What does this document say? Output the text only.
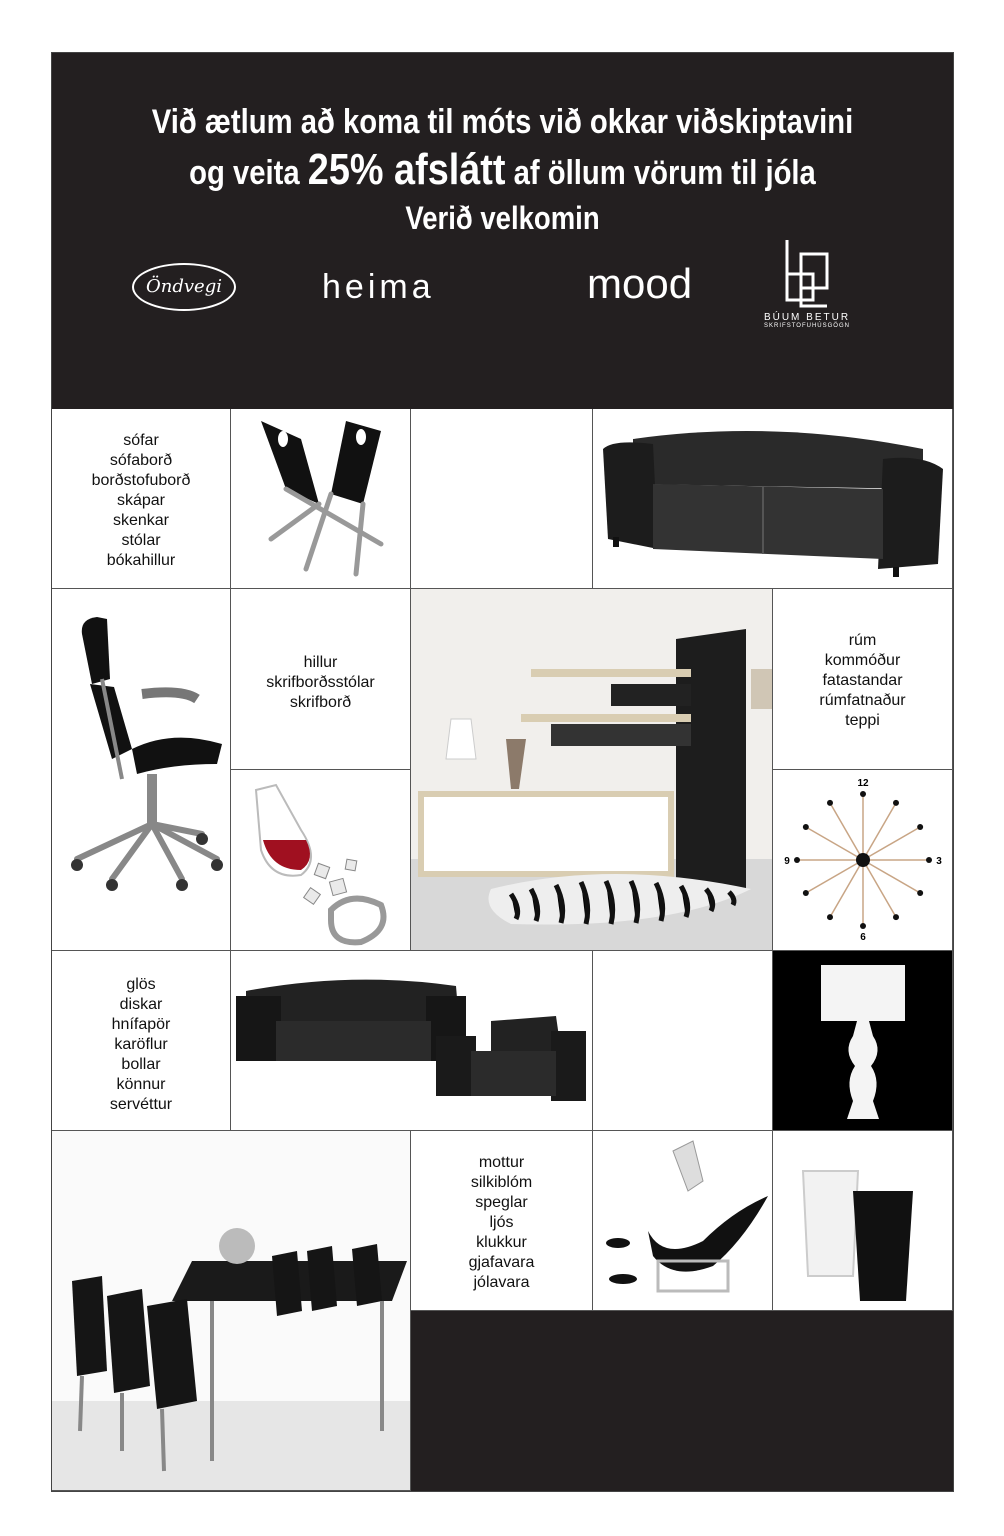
Við ætlum að koma til móts við okkar viðskiptavini
og veita 25% afslátt af öllum vörum til jóla
Verið velkomin
Öndvegi	heima	mood
BÚUM BETUR
SKRIFSTOFUHÚSGÖGN
sófar
sófaborð
borðstofuborð
skápar
skenkar
stólar
bókahillur
hillur
skrifborðsstólar
skrifborð
rúm
kommóður
fatastandar
rúmfatnaður
teppi
12
3
6
9
glös
diskar
hnífapör
karöflur
bollar
könnur
servéttur
mottur
silkiblóm
speglar
ljós
klukkur
gjafavara
jólavara
